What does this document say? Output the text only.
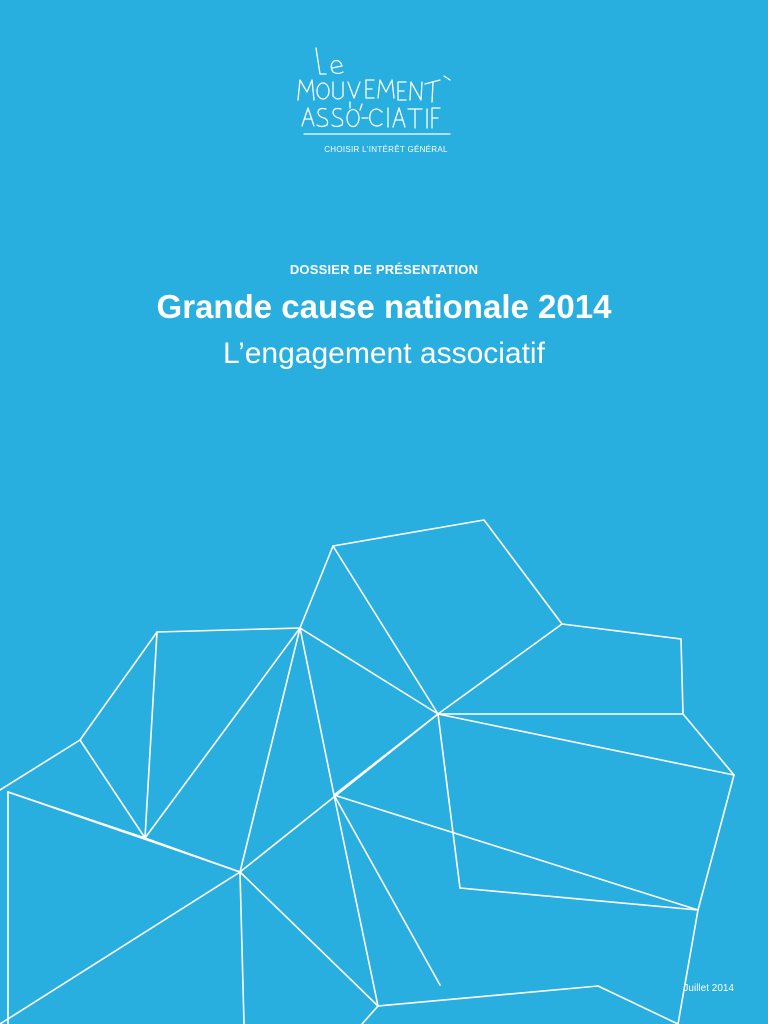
CHOISIR L'INTÉRÊT GÉNÉRAL
DOSSIER DE PRÉSENTATION
Grande cause nationale 2014
L’engagement associatif
Juillet 2014
